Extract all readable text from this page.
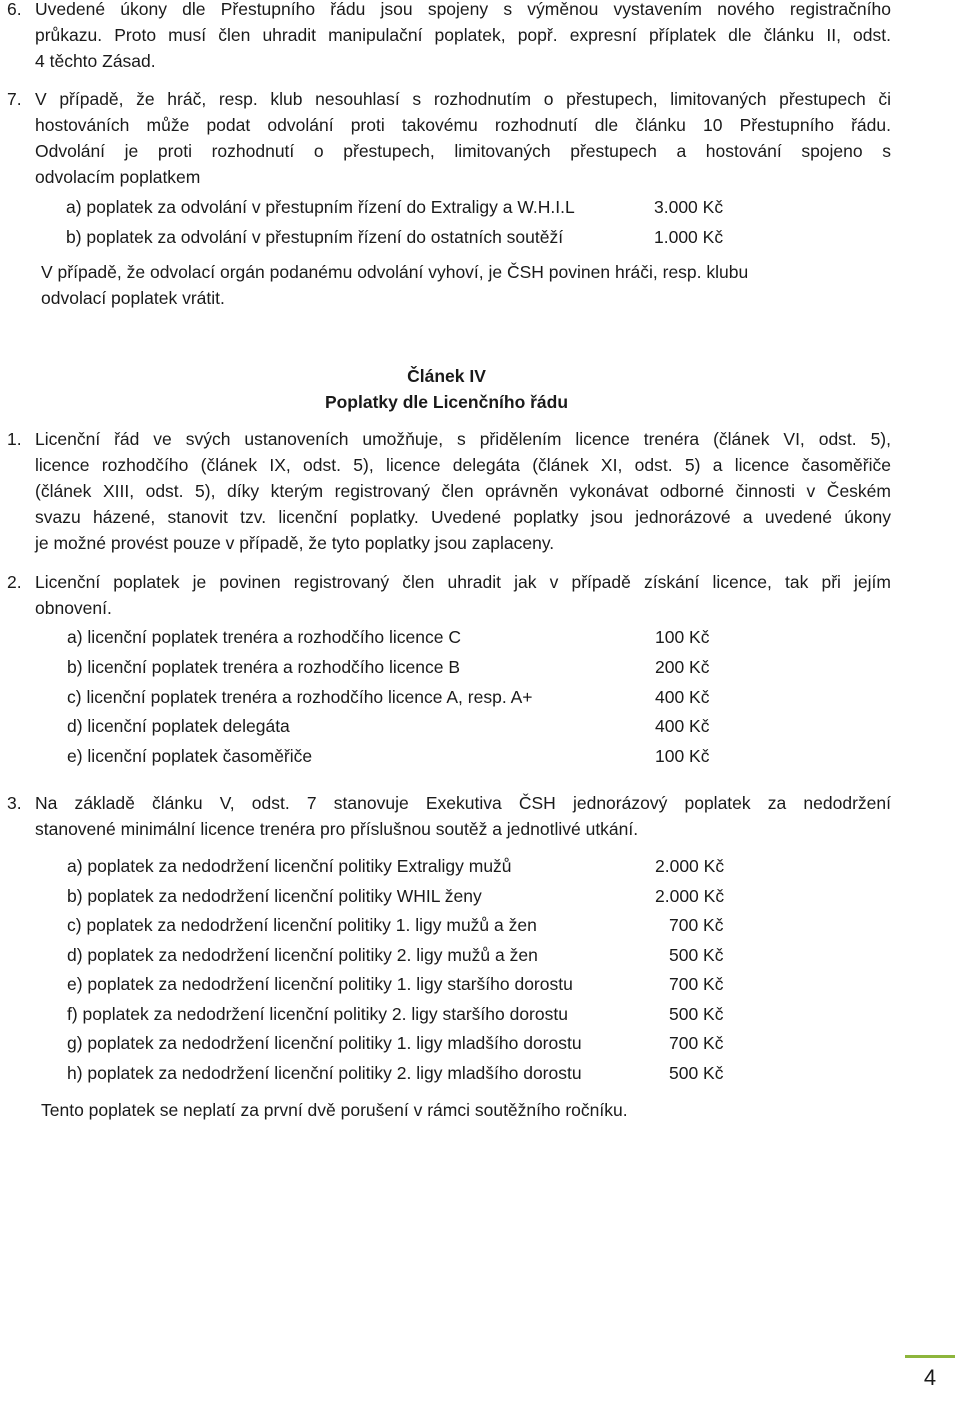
6. Uvedené úkony dle Přestupního řádu jsou spojeny s výměnou vystavením nového registračního
průkazu. Proto musí člen uhradit manipulační poplatek, popř. expresní příplatek dle článku II, odst.
4 těchto Zásad.
7. V případě, že hráč, resp. klub nesouhlasí s rozhodnutím o přestupech, limitovaných přestupech či
hostováních může podat odvolání proti takovému rozhodnutí dle článku 10 Přestupního řádu.
Odvolání je proti rozhodnutí o přestupech, limitovaných přestupech a hostování spojeno s
odvolacím poplatkem
a) poplatek za odvolání v přestupním řízení do Extraligy a W.H.I.L	3.000 Kč
b) poplatek za odvolání v přestupním řízení do ostatních soutěží	1.000 Kč
V případě, že odvolací orgán podanému odvolání vyhoví, je ČSH povinen hráči, resp. klubu
odvolací poplatek vrátit.
Článek IV
Poplatky dle Licenčního řádu
1. Licenční řád ve svých ustanoveních umožňuje, s přidělením licence trenéra (článek VI, odst. 5),
licence rozhodčího (článek IX, odst. 5), licence delegáta (článek XI, odst. 5) a licence časoměřiče
(článek XIII, odst. 5), díky kterým registrovaný člen oprávněn vykonávat odborné činnosti v Českém
svazu házené, stanovit tzv. licenční poplatky. Uvedené poplatky jsou jednorázové a uvedené úkony
je možné provést pouze v případě, že tyto poplatky jsou zaplaceny.
2. Licenční poplatek je povinen registrovaný člen uhradit jak v případě získání licence, tak při jejím
obnovení.
a) licenční poplatek trenéra a rozhodčího licence C	100 Kč
b) licenční poplatek trenéra a rozhodčího licence B	200 Kč
c) licenční poplatek trenéra a rozhodčího licence A, resp. A+	400 Kč
d) licenční poplatek delegáta	400 Kč
e) licenční poplatek časoměřiče	100 Kč
3. Na základě článku V, odst. 7 stanovuje Exekutiva ČSH jednorázový poplatek za nedodržení
stanovené minimální licence trenéra pro příslušnou soutěž a jednotlivé utkání.
a) poplatek za nedodržení licenční politiky Extraligy mužů	2.000 Kč
b) poplatek za nedodržení licenční politiky WHIL ženy	2.000 Kč
c) poplatek za nedodržení licenční politiky 1. ligy mužů a žen	700 Kč
d) poplatek za nedodržení licenční politiky 2. ligy mužů a žen	500 Kč
e) poplatek za nedodržení licenční politiky 1. ligy staršího dorostu	700 Kč
f) poplatek za nedodržení licenční politiky 2. ligy staršího dorostu	500 Kč
g) poplatek za nedodržení licenční politiky 1. ligy mladšího dorostu	700 Kč
h) poplatek za nedodržení licenční politiky 2. ligy mladšího dorostu	500 Kč
Tento poplatek se neplatí za první dvě porušení v rámci soutěžního ročníku.
4
